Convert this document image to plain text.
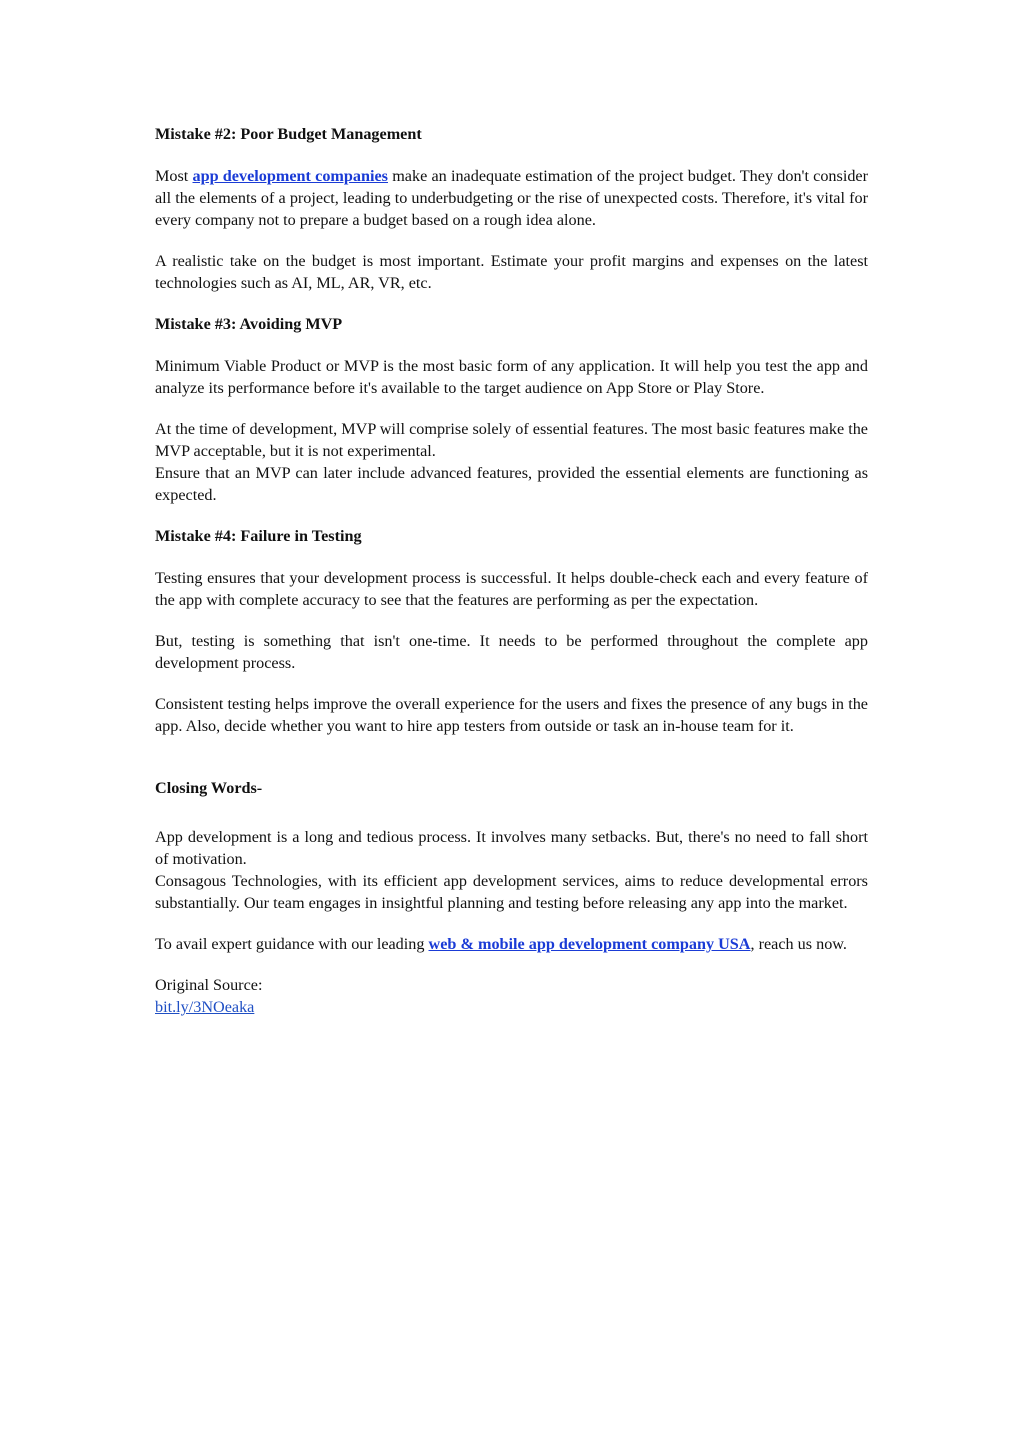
Mistake #2: Poor Budget Management

Most app development companies make an inadequate estimation of the project budget. They don't consider all the elements of a project, leading to underbudgeting or the rise of unexpected costs. Therefore, it's vital for every company not to prepare a budget based on a rough idea alone.

A realistic take on the budget is most important. Estimate your profit margins and expenses on the latest technologies such as AI, ML, AR, VR, etc.

Mistake #3: Avoiding MVP

Minimum Viable Product or MVP is the most basic form of any application. It will help you test the app and analyze its performance before it's available to the target audience on App Store or Play Store.

At the time of development, MVP will comprise solely of essential features. The most basic features make the MVP acceptable, but it is not experimental.

Ensure that an MVP can later include advanced features, provided the essential elements are functioning as expected.

Mistake #4: Failure in Testing

Testing ensures that your development process is successful. It helps double-check each and every feature of the app with complete accuracy to see that the features are performing as per the expectation.

But, testing is something that isn't one-time. It needs to be performed throughout the complete app development process.

Consistent testing helps improve the overall experience for the users and fixes the presence of any bugs in the app. Also, decide whether you want to hire app testers from outside or task an in-house team for it.

Closing Words-

App development is a long and tedious process. It involves many setbacks. But, there's no need to fall short of motivation.

Consagous Technologies, with its efficient app development services, aims to reduce developmental errors substantially. Our team engages in insightful planning and testing before releasing any app into the market.

To avail expert guidance with our leading web & mobile app development company USA, reach us now.

Original Source:

bit.ly/3NOeaka
